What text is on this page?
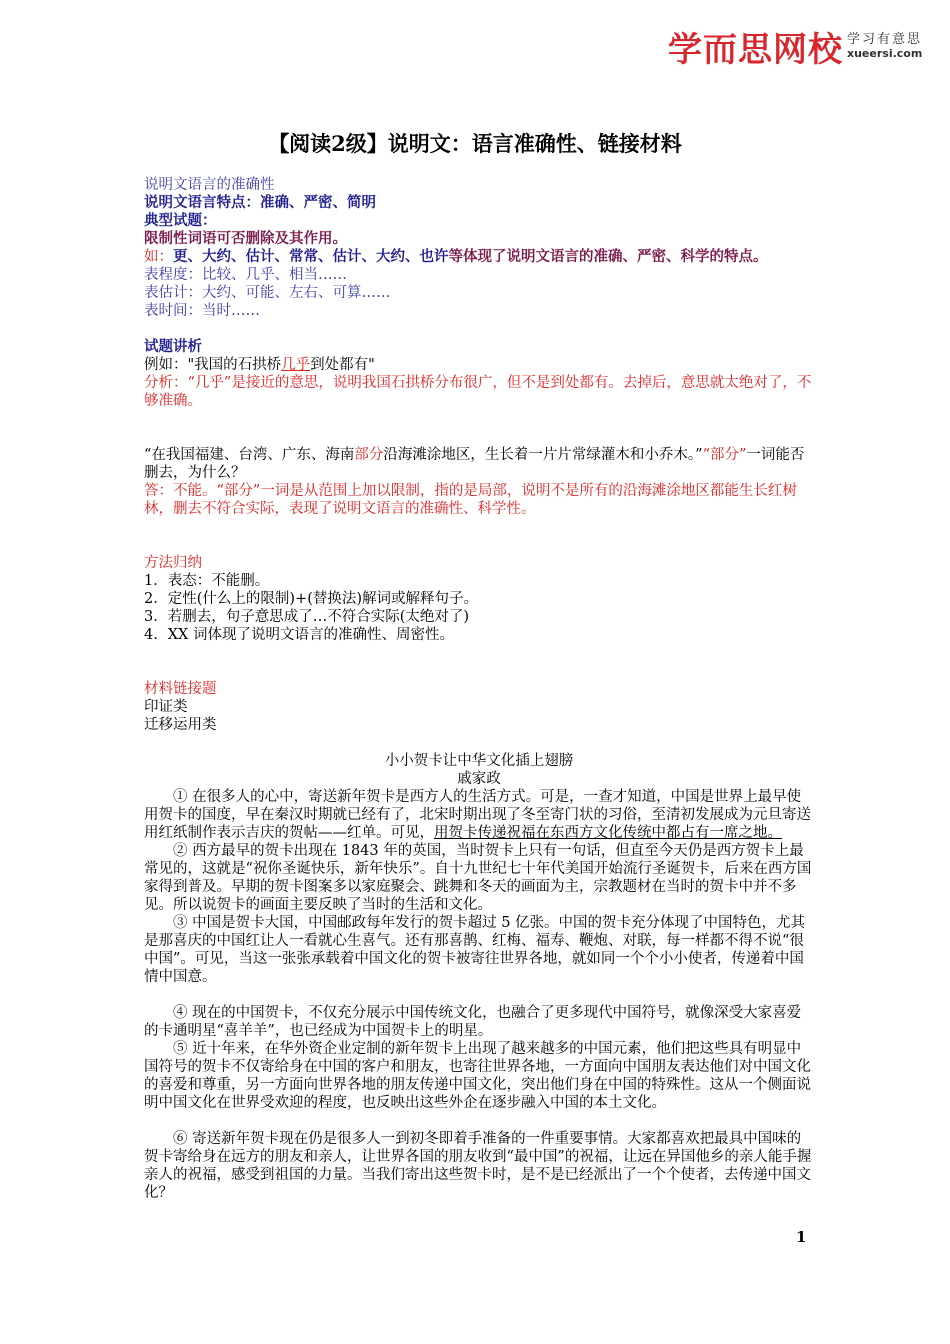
学而思网校 学习有意思
xueersi.com
【阅读2级】说明文：语言准确性、链接材料

说明文语言的准确性

说明文语言特点：准确、严密、简明

典型试题：

限制性词语可否删除及其作用。

如：更、大约、估计、常常、估计、大约、也许等体现了说明文语言的准确、严密、科学的特点。

表程度：比较、几乎、相当……

表估计：大约、可能、左右、可算……

表时间：当时……

试题讲析

例如："我国的石拱桥几乎到处都有"

分析：“几乎”是接近的意思，说明我国石拱桥分布很广，但不是到处都有。去掉后，意思就太绝对了，不够准确。

“在我国福建、台湾、广东、海南部分沿海滩涂地区，生长着一片片常绿灌木和小乔木。”“部分”一词能否删去，为什么？

答：不能。“部分”一词是从范围上加以限制，指的是局部，说明不是所有的沿海滩涂地区都能生长红树林，删去不符合实际，表现了说明文语言的准确性、科学性。

方法归纳

1．表态：不能删。

2．定性(什么上的限制)+(替换法)解词或解释句子。

3．若删去，句子意思成了…不符合实际(太绝对了)

4．XX 词体现了说明文语言的准确性、周密性。

材料链接题

印证类

迁移运用类

小小贺卡让中华文化插上翅膀

戚家政

① 在很多人的心中，寄送新年贺卡是西方人的生活方式。可是，一查才知道，中国是世界上最早使用贺卡的国度，早在秦汉时期就已经有了，北宋时期出现了冬至寄门状的习俗，至清初发展成为元旦寄送用红纸制作表示吉庆的贺帖——红单。可见，用贺卡传递祝福在东西方文化传统中都占有一席之地。

② 西方最早的贺卡出现在 1843 年的英国，当时贺卡上只有一句话，但直至今天仍是西方贺卡上最常见的，这就是“祝你圣诞快乐，新年快乐”。自十九世纪七十年代美国开始流行圣诞贺卡，后来在西方国家得到普及。早期的贺卡图案多以家庭聚会、跳舞和冬天的画面为主，宗教题材在当时的贺卡中并不多见。所以说贺卡的画面主要反映了当时的生活和文化。

③ 中国是贺卡大国，中国邮政每年发行的贺卡超过 5 亿张。中国的贺卡充分体现了中国特色，尤其是那喜庆的中国红让人一看就心生喜气。还有那喜鹊、红梅、福寿、鞭炮、对联，每一样都不得不说“很中国”。可见，当这一张张承载着中国文化的贺卡被寄往世界各地，就如同一个个小小使者，传递着中国情中国意。

④ 现在的中国贺卡，不仅充分展示中国传统文化，也融合了更多现代中国符号，就像深受大家喜爱的卡通明星“喜羊羊”，也已经成为中国贺卡上的明星。

⑤ 近十年来，在华外资企业定制的新年贺卡上出现了越来越多的中国元素，他们把这些具有明显中国符号的贺卡不仅寄给身在中国的客户和朋友，也寄往世界各地，一方面向中国朋友表达他们对中国文化的喜爱和尊重，另一方面向世界各地的朋友传递中国文化，突出他们身在中国的特殊性。这从一个侧面说明中国文化在世界受欢迎的程度，也反映出这些外企在逐步融入中国的本土文化。

⑥ 寄送新年贺卡现在仍是很多人一到初冬即着手准备的一件重要事情。大家都喜欢把最具中国味的贺卡寄给身在远方的朋友和亲人，让世界各国的朋友收到“最中国”的祝福，让远在异国他乡的亲人能手握亲人的祝福，感受到祖国的力量。当我们寄出这些贺卡时，是不是已经派出了一个个使者，去传递中国文化？

1
